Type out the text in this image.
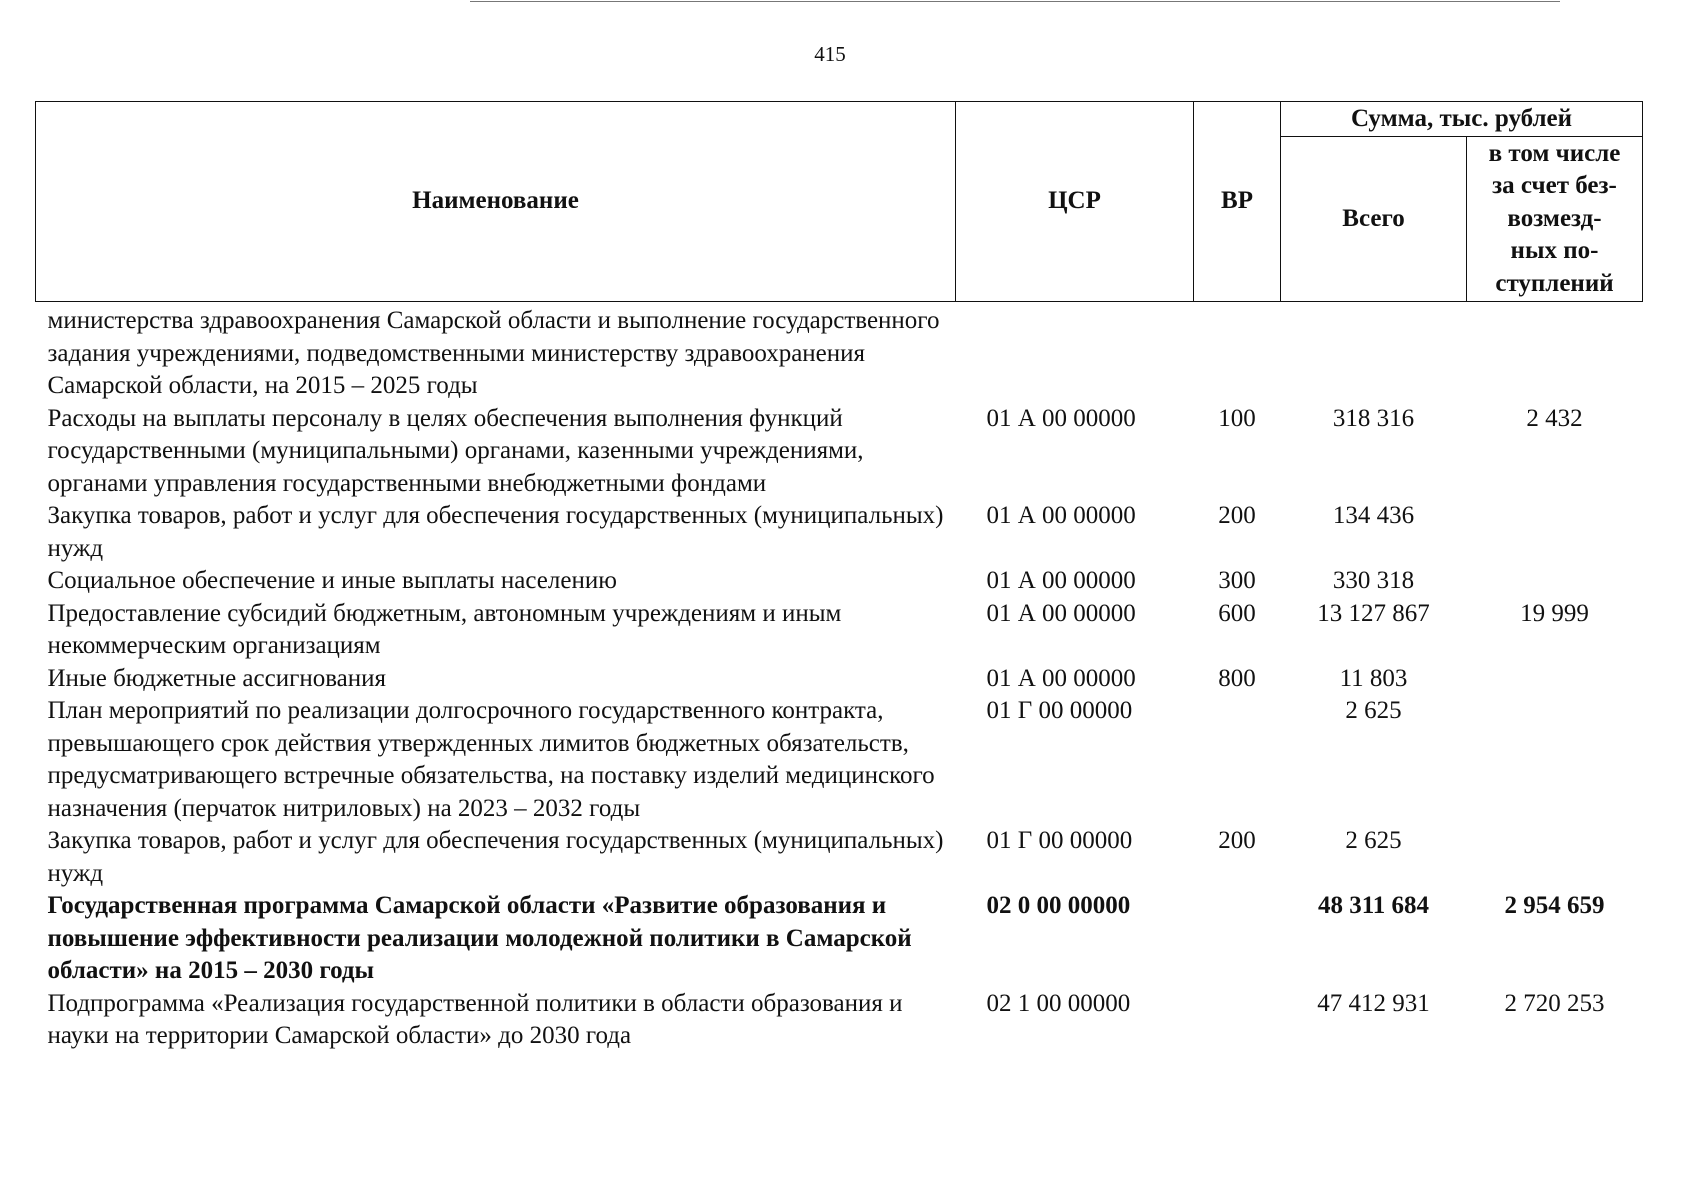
415
Наименование	ЦСР	ВР	Сумма, тыс. рублей	
			Всего	в том числе
за счет без-
возмезд-
ных по-
ступлений

министерства здравоохранения Самарской области и выполнение государственного задания учреждениями, подведомственными министерству здравоохранения Самарской области, на 2015 – 2025 годы				
Расходы на выплаты персоналу в целях обеспечения выполнения функций государственными (муниципальными) органами, казенными учреждениями, органами управления государственными внебюджетными фондами	01 А 00 00000	100	318 316	2 432
Закупка товаров, работ и услуг для обеспечения государственных (муниципальных) нужд	01 А 00 00000	200	134 436	
Социальное обеспечение и иные выплаты населению	01 А 00 00000	300	330 318	
Предоставление субсидий бюджетным, автономным учреждениям и иным некоммерческим организациям	01 А 00 00000	600	13 127 867	19 999
Иные бюджетные ассигнования	01 А 00 00000	800	11 803	
План мероприятий по реализации долгосрочного государственного контракта, превышающего срок действия утвержденных лимитов бюджетных обязательств, предусматривающего встречные обязательства, на поставку изделий медицинского назначения (перчаток нитриловых) на 2023 – 2032 годы	01 Г 00 00000		2 625	
Закупка товаров, работ и услуг для обеспечения государственных (муниципальных) нужд	01 Г 00 00000	200	2 625	
Государственная программа Самарской области «Развитие образования и повышение эффективности реализации молодежной политики в Самарской области» на 2015 – 2030 годы	02 0 00 00000		48 311 684	2 954 659
Подпрограмма «Реализация государственной политики в области образования и науки на территории Самарской области» до 2030 года	02 1 00 00000		47 412 931	2 720 253
